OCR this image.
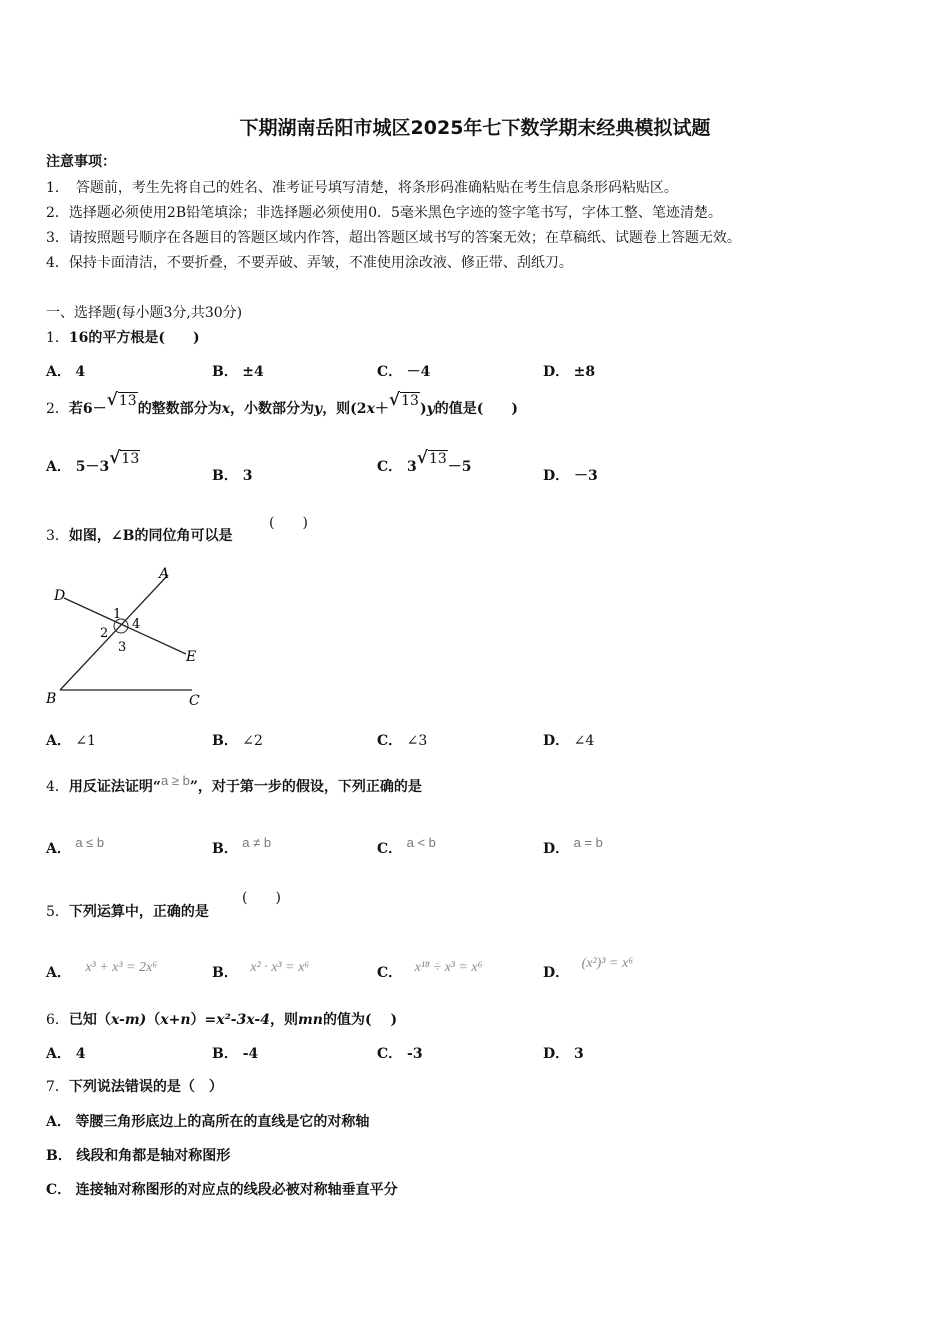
下期湖南岳阳市城区2025年七下数学期末经典模拟试题
注意事项：
1．　答题前，考生先将自己的姓名、准考证号填写清楚，将条形码准确粘贴在考生信息条形码粘贴区。
2．选择题必须使用2B铅笔填涂；非选择题必须使用0．5毫米黑色字迹的签字笔书写，字体工整、笔迹清楚。
3．请按照题号顺序在各题目的答题区域内作答，超出答题区域书写的答案无效；在草稿纸、试题卷上答题无效。
4．保持卡面清洁，不要折叠，不要弄破、弄皱，不准使用涂改液、修正带、刮纸刀。
一、选择题(每小题3分,共30分)
1．16的平方根是(　　)
A． 4	B． ±4	C． －4	D． ±8
2．若6－√13的整数部分为x，小数部分为y，则(2x＋√13)y的值是(　　)
A． 5－3√13
B． 3
C． 3√13－5
D． －3
3．如图，∠B的同位角可以是
(　　)
D
A
1
4
2
3
E
B	C
A． ∠1	B． ∠2	C． ∠3	D． ∠4
4．用反证法证明“a ≥ b”，对于第一步的假设，下列正确的是
A． a ≤ b	B． a ≠ b	C． a < b	D． a = b
5．下列运算中，正确的是
(　　)
A． x³ + x³ = 2x⁶	B． x² · x³ = x⁶	C． x¹⁸ ÷ x³ = x⁶	D． (x²)³ = x⁶
6．已知（x-m)（x+n）=x²-3x-4，则mn的值为(　 )
A． 4	B． -4	C． -3	D． 3
7．下列说法错误的是（　）
A． 等腰三角形底边上的高所在的直线是它的对称轴
B． 线段和角都是轴对称图形
C． 连接轴对称图形的对应点的线段必被对称轴垂直平分
